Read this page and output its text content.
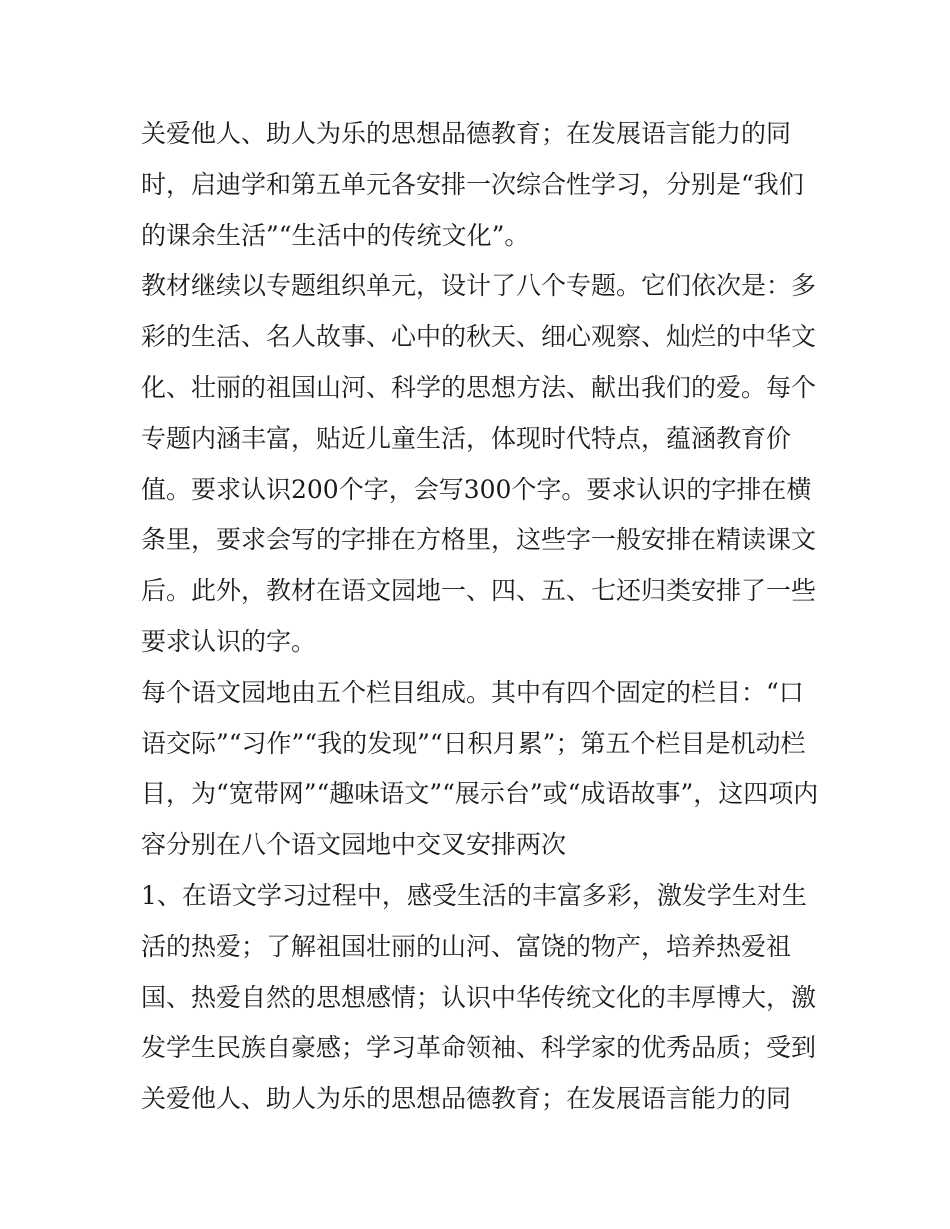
关爱他人、助人为乐的思想品德教育；在发展语言能力的同
时，启迪学和第五单元各安排一次综合性学习，分别是“我们
的课余生活”“生活中的传统文化”。
教材继续以专题组织单元，设计了八个专题。它们依次是：多
彩的生活、名人故事、心中的秋天、细心观察、灿烂的中华文
化、壮丽的祖国山河、科学的思想方法、献出我们的爱。每个
专题内涵丰富，贴近儿童生活，体现时代特点，蕴涵教育价
值。要求认识200个字，会写300个字。要求认识的字排在横
条里，要求会写的字排在方格里，这些字一般安排在精读课文
后。此外，教材在语文园地一、四、五、七还归类安排了一些
要求认识的字。
每个语文园地由五个栏目组成。其中有四个固定的栏目：“口
语交际”“习作”“我的发现”“日积月累”；第五个栏目是机动栏
目，为“宽带网”“趣味语文”“展示台”或“成语故事”，这四项内
容分别在八个语文园地中交叉安排两次
1、在语文学习过程中，感受生活的丰富多彩，激发学生对生
活的热爱；了解祖国壮丽的山河、富饶的物产，培养热爱祖
国、热爱自然的思想感情；认识中华传统文化的丰厚博大，激
发学生民族自豪感；学习革命领袖、科学家的优秀品质；受到
关爱他人、助人为乐的思想品德教育；在发展语言能力的同
